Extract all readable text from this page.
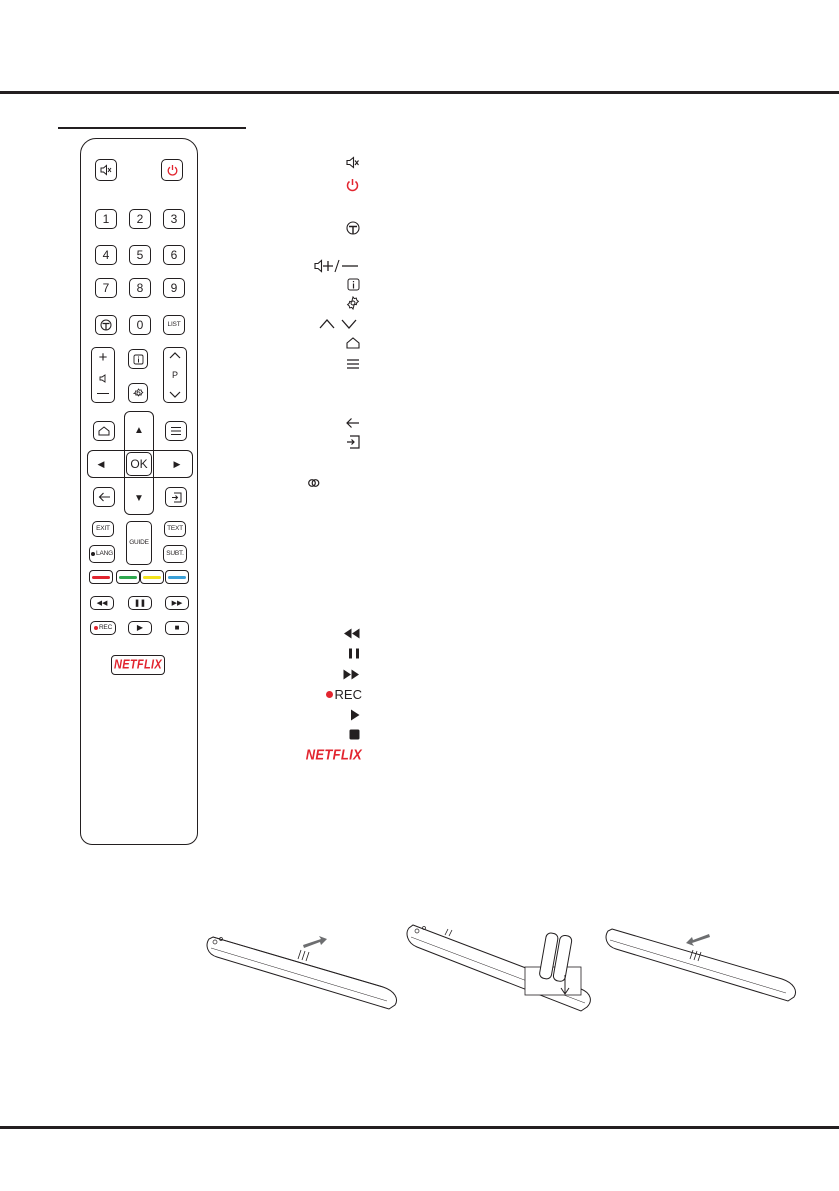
1 2 3
4 5 6
7 8 9
0	LIST
+
P
▲
◀ OK	▶
▼
EXIT
GUIDE
TEXT
LANG	SUBT.
◀◀	❚❚	▶▶
REC	▶	■
NETFLIX
REC
NETFLIX
